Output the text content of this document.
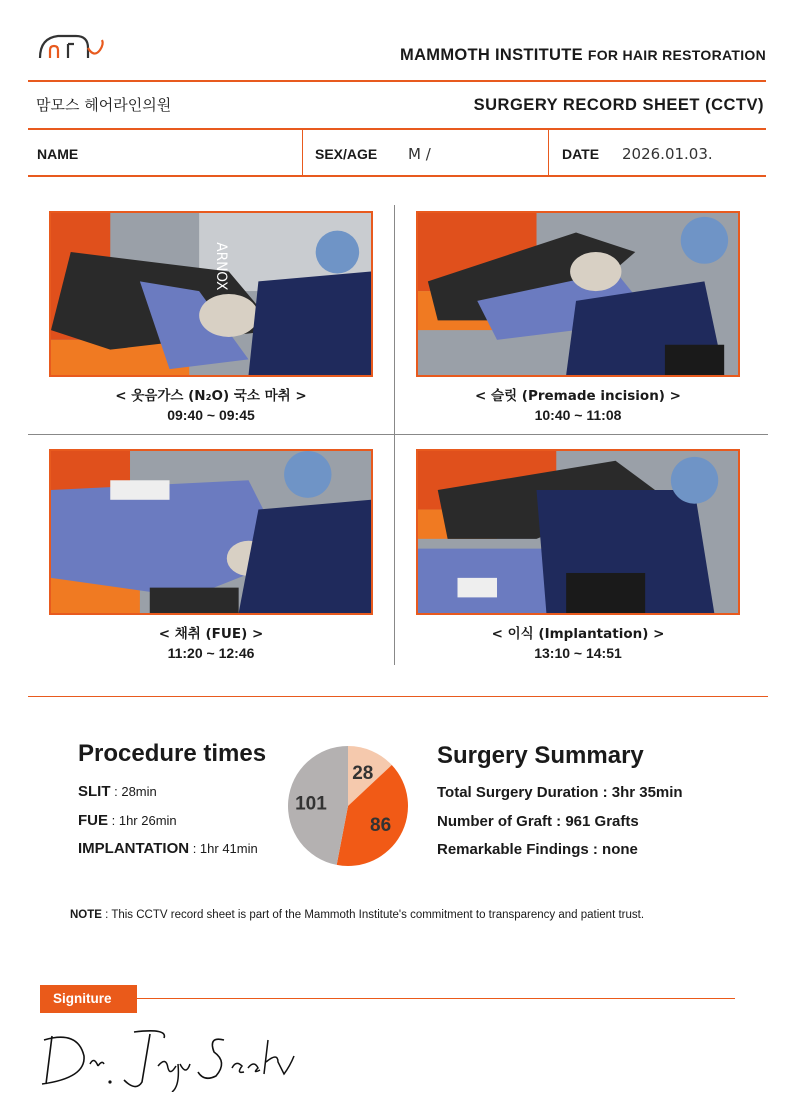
MAMMOTH INSTITUTE FOR HAIR RESTORATION
맘모스 헤어라인의원	SURGERY RECORD SHEET (CCTV)
NAME	SEX/AGE M /	DATE 2026.01.03.
ARNOX
< 웃음가스 (N₂O) 국소 마취 >
09:40 ~ 09:45
< 슬릿 (Premade incision) >
10:40 ~ 11:08
< 채취 (FUE) >
11:20 ~ 12:46
< 이식 (Implantation) >
13:10 ~ 14:51
Procedure times
SLIT : 28min
FUE : 1hr 26min
IMPLANTATION : 1hr 41min
28
86
101
Surgery Summary
Total Surgery Duration : 3hr 35min
Number of Graft : 961 Grafts
Remarkable Findings : none
NOTE : This CCTV record sheet is part of the Mammoth Institute's commitment to transparency and patient trust.
Signiture
